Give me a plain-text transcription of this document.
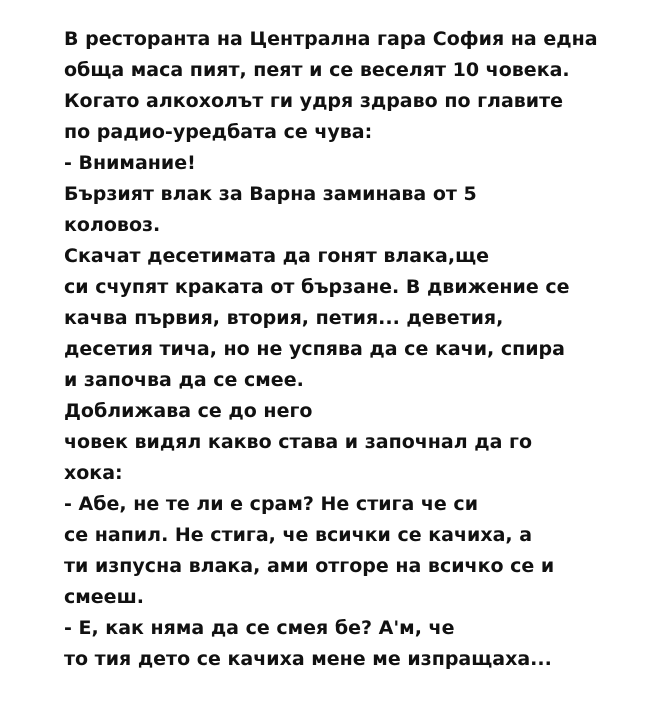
В ресторанта на Централна гара София на една
обща маса пият, пеят и се веселят 10 човека.
Когато алкохолът ги удря здраво по главите
по радио-уредбата се чува:
- Внимание!
Бързият влак за Варна заминава от 5
коловоз.
Скачат десетимата да гонят влака,ще
си счупят краката от бързане. В движение се
качва първия, втория, петия... деветия,
десетия тича, но не успява да се качи, спира
и започва да се смее.
Доближава се до него
човек видял какво става и започнал да го
хока:
- Абе, не те ли е срам? Не стига че си
се напил. Не стига, че всички се качиха, а
ти изпусна влака, ами отгоре на всичко се и
смееш.
- Е, как няма да се смея бе? А'м, че
то тия дето се качиха мене ме изпращаха...
